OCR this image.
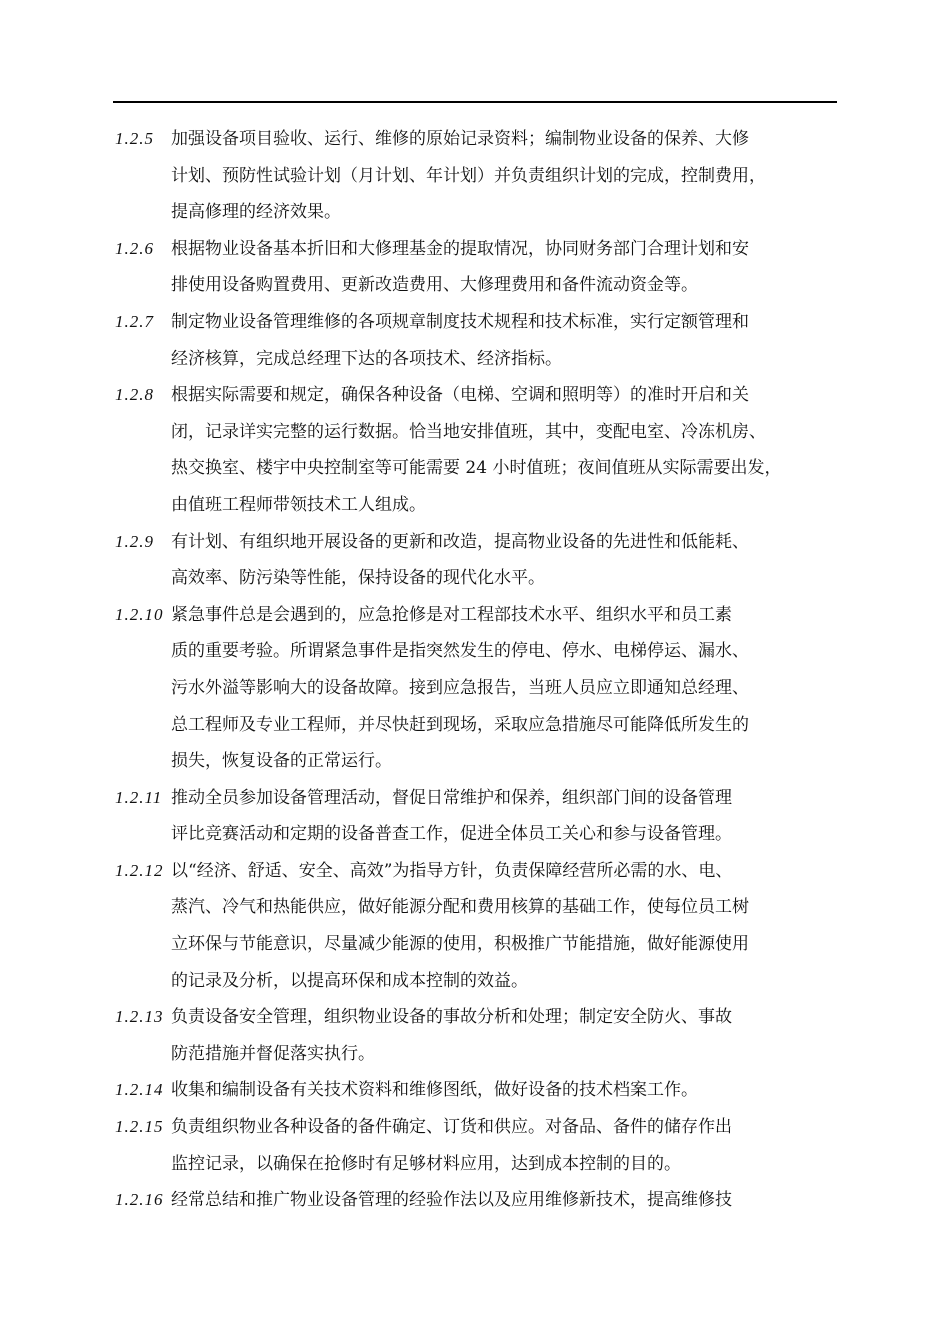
1.2.5 加强设备项目验收、运行、维修的原始记录资料；编制物业设备的保养、大修
计划、预防性试验计划（月计划、年计划）并负责组织计划的完成，控制费用，
提高修理的经济效果。
1.2.6 根据物业设备基本折旧和大修理基金的提取情况，协同财务部门合理计划和安
排使用设备购置费用、更新改造费用、大修理费用和备件流动资金等。
1.2.7 制定物业设备管理维修的各项规章制度技术规程和技术标准，实行定额管理和
经济核算，完成总经理下达的各项技术、经济指标。
1.2.8 根据实际需要和规定，确保各种设备（电梯、空调和照明等）的准时开启和关
闭，记录详实完整的运行数据。恰当地安排值班，其中，变配电室、冷冻机房、
热交换室、楼宇中央控制室等可能需要 24 小时值班；夜间值班从实际需要出发，
由值班工程师带领技术工人组成。
1.2.9 有计划、有组织地开展设备的更新和改造，提高物业设备的先进性和低能耗、
高效率、防污染等性能，保持设备的现代化水平。
1.2.10 紧急事件总是会遇到的，应急抢修是对工程部技术水平、组织水平和员工素
质的重要考验。所谓紧急事件是指突然发生的停电、停水、电梯停运、漏水、
污水外溢等影响大的设备故障。接到应急报告，当班人员应立即通知总经理、
总工程师及专业工程师，并尽快赶到现场，采取应急措施尽可能降低所发生的
损失，恢复设备的正常运行。
1.2.11 推动全员参加设备管理活动，督促日常维护和保养，组织部门间的设备管理
评比竞赛活动和定期的设备普查工作，促进全体员工关心和参与设备管理。
1.2.12 以“经济、舒适、安全、高效”为指导方针，负责保障经营所必需的水、电、
蒸汽、冷气和热能供应，做好能源分配和费用核算的基础工作，使每位员工树
立环保与节能意识，尽量减少能源的使用，积极推广节能措施，做好能源使用
的记录及分析，以提高环保和成本控制的效益。
1.2.13 负责设备安全管理，组织物业设备的事故分析和处理；制定安全防火、事故
防范措施并督促落实执行。
1.2.14 收集和编制设备有关技术资料和维修图纸，做好设备的技术档案工作。
1.2.15 负责组织物业各种设备的备件确定、订货和供应。对备品、备件的储存作出
监控记录，以确保在抢修时有足够材料应用，达到成本控制的目的。
1.2.16 经常总结和推广物业设备管理的经验作法以及应用维修新技术，提高维修技
